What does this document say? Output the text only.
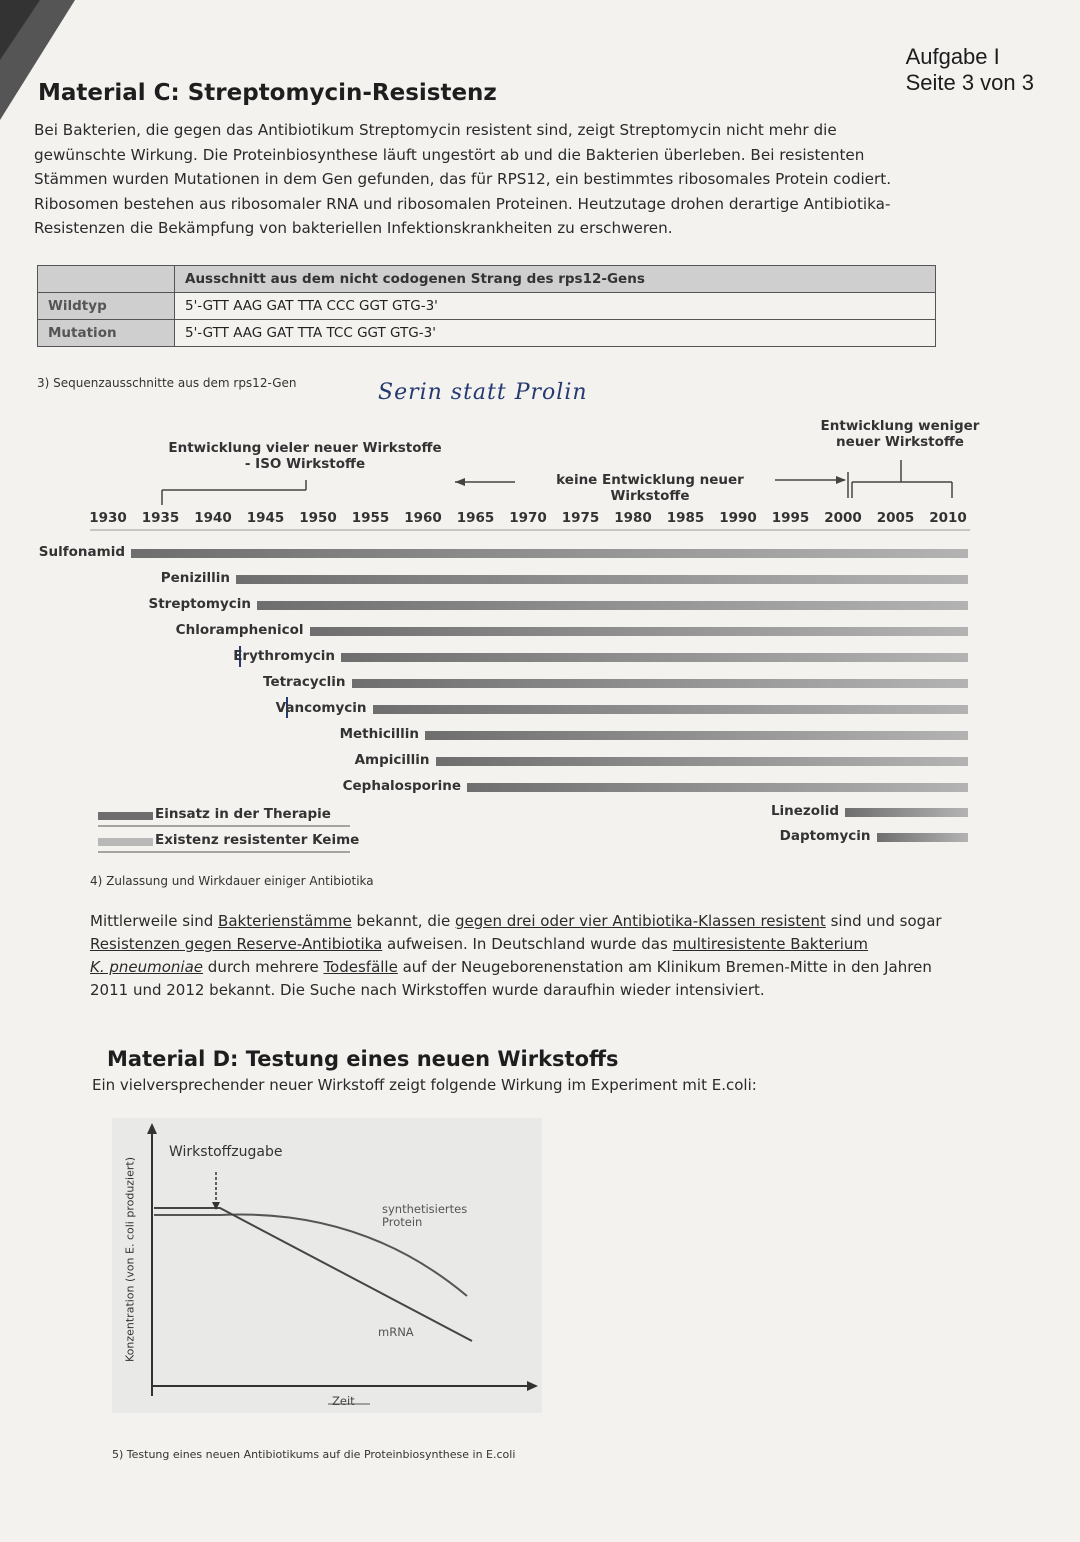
Aufgabe I
Seite 3 von 3
Material C: Streptomycin-Resistenz
Bei Bakterien, die gegen das Antibiotikum Streptomycin resistent sind, zeigt Streptomycin nicht mehr die
gewünschte Wirkung. Die Proteinbiosynthese läuft ungestört ab und die Bakterien überleben. Bei resistenten
Stämmen wurden Mutationen in dem Gen gefunden, das für RPS12, ein bestimmtes ribosomales Protein codiert.
Ribosomen bestehen aus ribosomaler RNA und ribosomalen Proteinen. Heutzutage drohen derartige Antibiotika-
Resistenzen die Bekämpfung von bakteriellen Infektionskrankheiten zu erschweren.
	Ausschnitt aus dem nicht codogenen Strang des rps12-Gens
Wildtyp	5'-GTT AAG GAT TTA CCC GGT GTG-3'
Mutation	5'-GTT AAG GAT TTA TCC GGT GTG-3'
3) Sequenzausschnitte aus dem rps12-Gen	Serin statt Prolin
Entwicklung vieler neuer Wirkstoffe
- ISO Wirkstoffe
keine Entwicklung neuer Wirkstoffe
Entwicklung weniger
neuer Wirkstoffe
1930 1935 1940 1945 1950 1955 1960 1965 1970 1975 1980 1985 1990 1995 2000 2005 2010
Sulfonamid
Penizillin
Streptomycin
Chloramphenicol
Erythromycin
Tetracyclin
Vancomycin
Methicillin
Ampicillin
Cephalosporine
Linezolid
Daptomycin
Einsatz in der Therapie
Existenz resistenter Keime
4) Zulassung und Wirkdauer einiger Antibiotika
Mittlerweile sind Bakterienstämme bekannt, die gegen drei oder vier Antibiotika-Klassen resistent sind und sogar
Resistenzen gegen Reserve-Antibiotika aufweisen. In Deutschland wurde das multiresistente Bakterium
K. pneumoniae durch mehrere Todesfälle auf der Neugeborenenstation am Klinikum Bremen-Mitte in den Jahren
2011 und 2012 bekannt. Die Suche nach Wirkstoffen wurde daraufhin wieder intensiviert.
Material D: Testung eines neuen Wirkstoffs
Ein vielversprechender neuer Wirkstoff zeigt folgende Wirkung im Experiment mit E.coli:
Konzentration (von E. coli produziert)
Wirkstoffzugabe
synthetisiertes Protein
mRNA
Zeit
5) Testung eines neuen Antibiotikums auf die Proteinbiosynthese in E.coli
